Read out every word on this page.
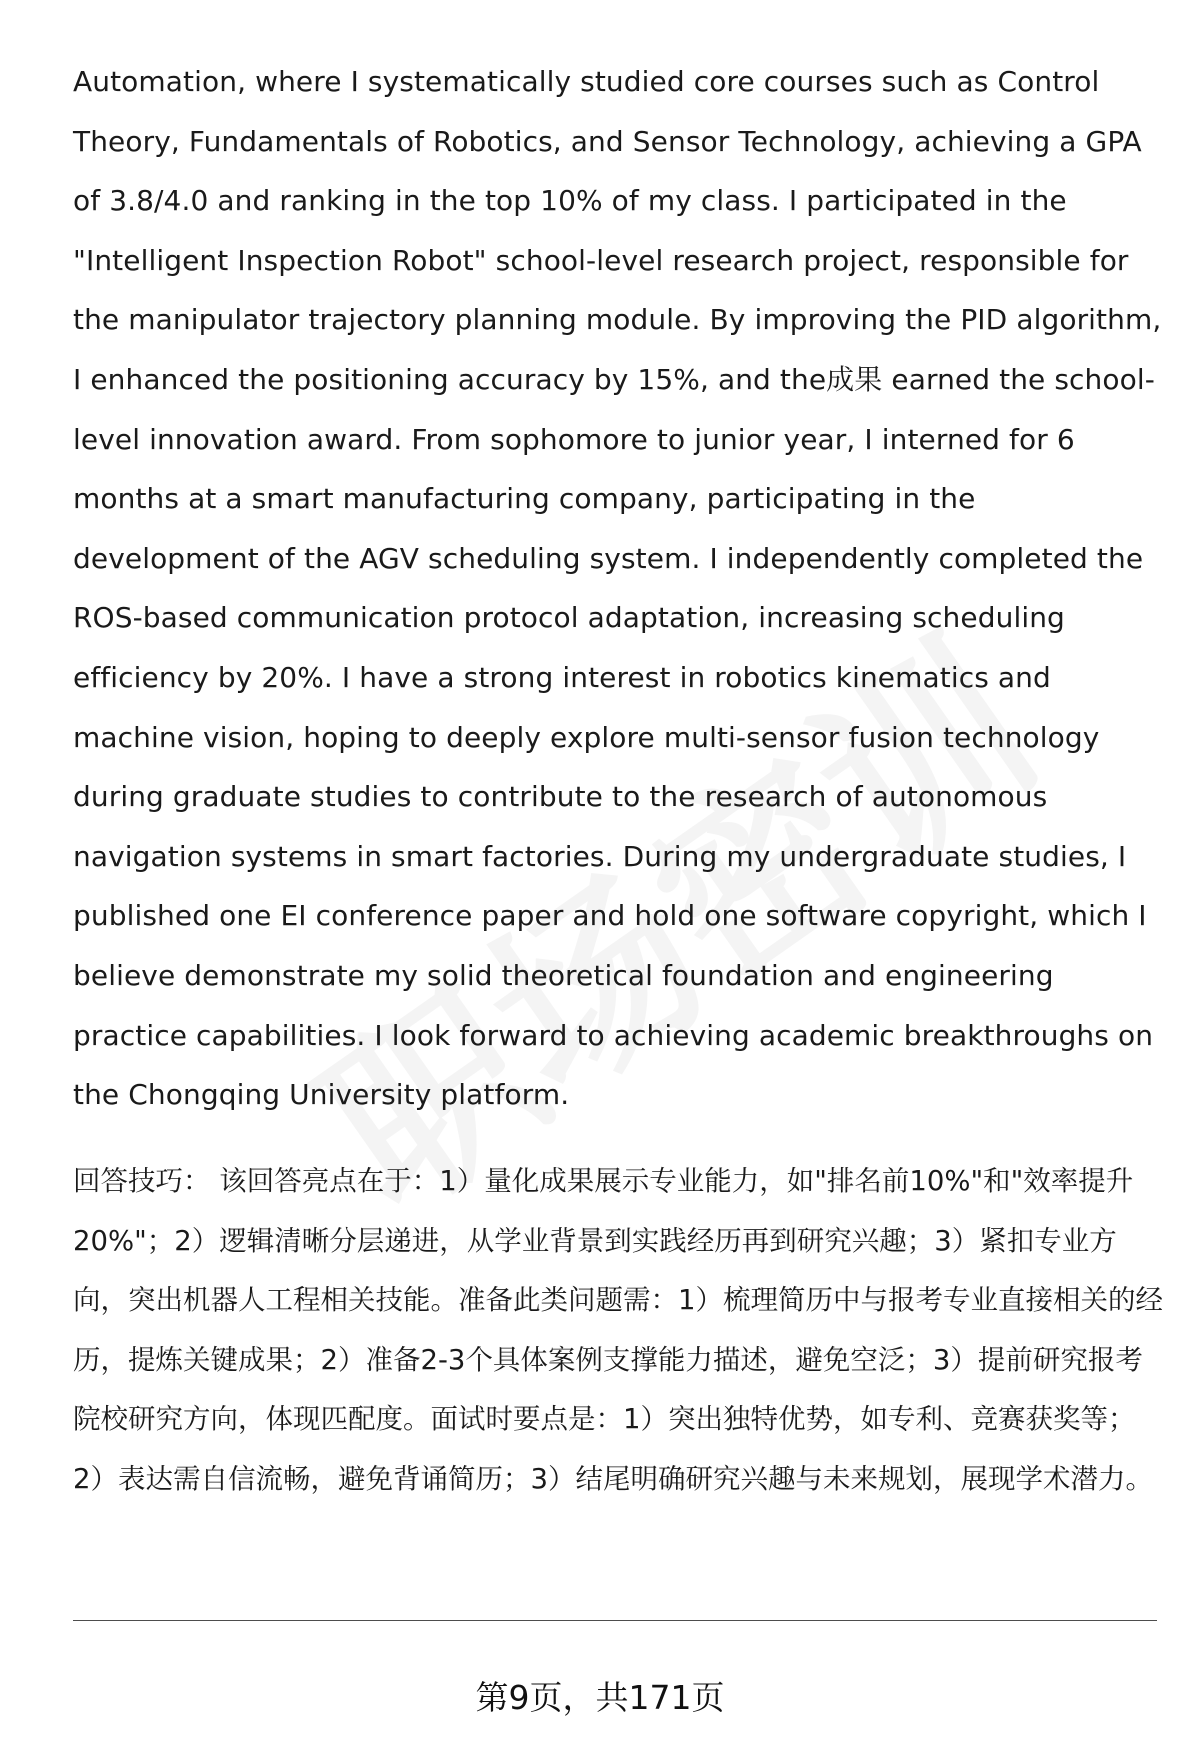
Automation, where I systematically studied core courses such as Control Theory, Fundamentals of Robotics, and Sensor Technology, achieving a GPA of 3.8/4.0 and ranking in the top 10% of my class. I participated in the "Intelligent Inspection Robot" school-level research project, responsible for the manipulator trajectory planning module. By improving the PID algorithm, I enhanced the positioning accuracy by 15%, and the成果 earned the school-level innovation award. From sophomore to junior year, I interned for 6 months at a smart manufacturing company, participating in the development of the AGV scheduling system. I independently completed the ROS-based communication protocol adaptation, increasing scheduling efficiency by 20%. I have a strong interest in robotics kinematics and machine vision, hoping to deeply explore multi-sensor fusion technology during graduate studies to contribute to the research of autonomous navigation systems in smart factories. During my undergraduate studies, I published one EI conference paper and hold one software copyright, which I believe demonstrate my solid theoretical foundation and engineering practice capabilities. I look forward to achieving academic breakthroughs on the Chongqing University platform.

回答技巧： 该回答亮点在于：1）量化成果展示专业能力，如"排名前10%"和"效率提升20%"；2）逻辑清晰分层递进，从学业背景到实践经历再到研究兴趣；3）紧扣专业方向，突出机器人工程相关技能。准备此类问题需：1）梳理简历中与报考专业直接相关的经历，提炼关键成果；2）准备2-3个具体案例支撑能力描述，避免空泛；3）提前研究报考院校研究方向，体现匹配度。面试时要点是：1）突出独特优势，如专利、竞赛获奖等；2）表达需自信流畅，避免背诵简历；3）结尾明确研究兴趣与未来规划，展现学术潜力。

第9页，共171页
